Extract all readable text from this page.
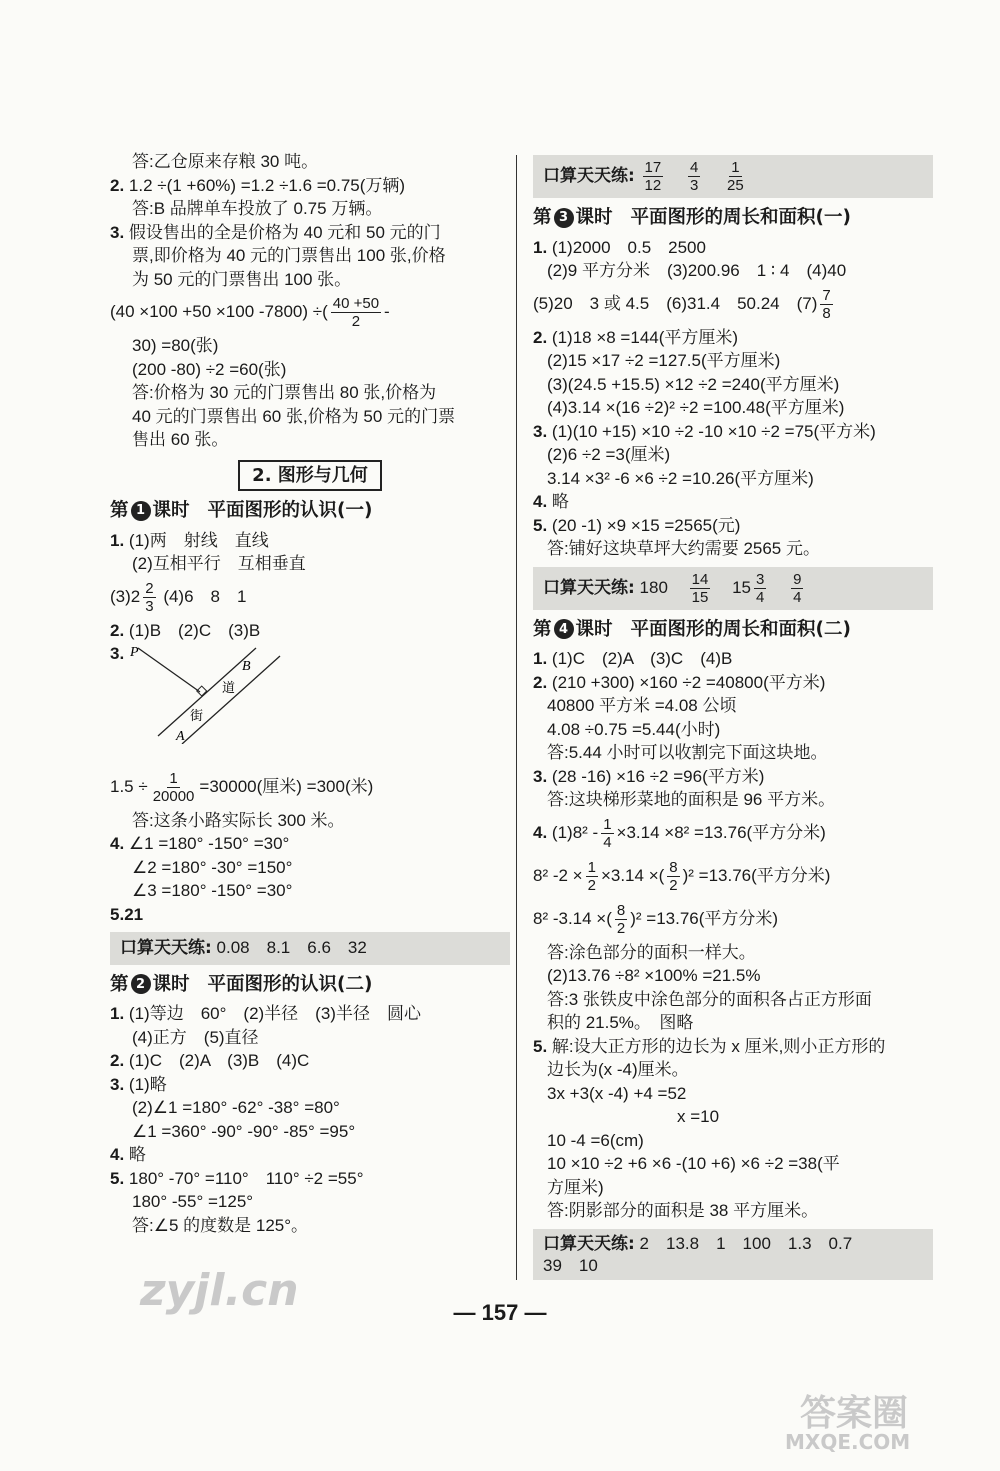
答:乙仓原来存粮 30 吨。
2. 1.2 ÷(1 +60%) =1.2 ÷1.6 =0.75(万辆)
答:B 品牌单车投放了 0.75 万辆。
3. 假设售出的全是价格为 40 元和 50 元的门
票,即价格为 40 元的门票售出 100 张,价格
为 50 元的门票售出 100 张。
(40 ×100 +50 ×100 -7800) ÷( $\frac{40 +50}{2}$ -
30) =80(张)
(200 -80) ÷2 =60(张)
答:价格为 30 元的门票售出 80 张,价格为
40 元的门票售出 60 张,价格为 50 元的门票
售出 60 张。
2. 图形与几何
第 1 课时 平面图形的认识(一)
1. (1)两　射线　直线
(2)互相平行　互相垂直
$(3)2 \frac{2}{3} (4)6$　8　1
2. (1)B　(2)C　(3)B
3. P
B
A
道
街
$1.5 \div \frac{1}{20000} =30000$(厘米) =300(米)
答:这条小路实际长 300 米。
4. ∠1 =180° -150° =30°
∠2 =180° -30° =150°
∠3 =180° -150° =30°
5.21
口算天天练: 0.08　8.1　6.6　32
第 2 课时 平面图形的认识(二)
1. (1)等边　60°　(2)半径　(3)半径　圆心
(4)正方　(5)直径
2. (1)C　(2)A　(3)B　(4)C
3. (1)略
(2)∠1 =180° -62° -38° =80°
∠1 =360° -90° -90° -85° =95°
4. 略
5. 180° -70° =110°　110° ÷2 =55°
180° -55° =125°
答:∠5 的度数是 125°。
口算天天练: $\frac{17}{12}$
$\frac{4}{3}$
$\frac{1}{25}$
第 3 课时 平面图形的周长和面积(一)
1. (1)2000　0.5　2500
(2)9 平方分米　(3)200.96　1 ∶ 4　(4)40
(5)20　3 或 4.5　(6)31.4　50.24　$(7) \frac{7}{8}$
2. (1)18 ×8 =144(平方厘米)
(2)15 ×17 ÷2 =127.5(平方厘米)
(3)(24.5 +15.5) ×12 ÷2 =240(平方厘米)
(4)3.14 ×(16 ÷2)² ÷2 =100.48(平方厘米)
3. (1)(10 +15) ×10 ÷2 -10 ×10 ÷2 =75(平方米)
(2)6 ÷2 =3(厘米)
3.14 ×3² -6 ×6 ÷2 =10.26(平方厘米)
4. 略
5. (20 -1) ×9 ×15 =2565(元)
答:铺好这块草坪大约需要 2565 元。
口算天天练: $180 \frac{14}{15} 15 \frac{3}{4}$
$\frac{9}{4}$
第 4 课时 平面图形的周长和面积(二)
1. (1)C　(2)A　(3)C　(4)B
2. (210 +300) ×160 ÷2 =40800(平方米)
40800 平方米 =4.08 公顷
4.08 ÷0.75 =5.44(小时)
答:5.44 小时可以收割完下面这块地。
3. (28 -16) ×16 ÷2 =96(平方米)
答:这块梯形菜地的面积是 96 平方米。
4. $(1)8^2 - \frac{1}{4} \times 3.14 \times 8^2 =13.76$(平方分米)
8² $-2 \times \frac{1}{2} \times 3.14$ ×( $\frac{8}{2} )^2 =13.76$(平方分米)
8² -3.14 ×( $\frac{8}{2} )^2 =13.76$(平方分米)
答:涂色部分的面积一样大。
(2)13.76 ÷8² ×100% =21.5%
答:3 张铁皮中涂色部分的面积各占正方形面
积的 21.5%。　图略
5. 解:设大正方形的边长为 x 厘米,则小正方形的
边长为(x -4)厘米。
3x +3(x -4) +4 =52
x =10
10 -4 =6(cm)
10 ×10 ÷2 +6 ×6 -(10 +6) ×6 ÷2 =38(平
方厘米)
答:阴影部分的面积是 38 平方厘米。
口算天天练: 2　13.8　1　100　1.3　0.7
39　10
— 157 —
zyjl.cn
答案圈
MXQE.COM
